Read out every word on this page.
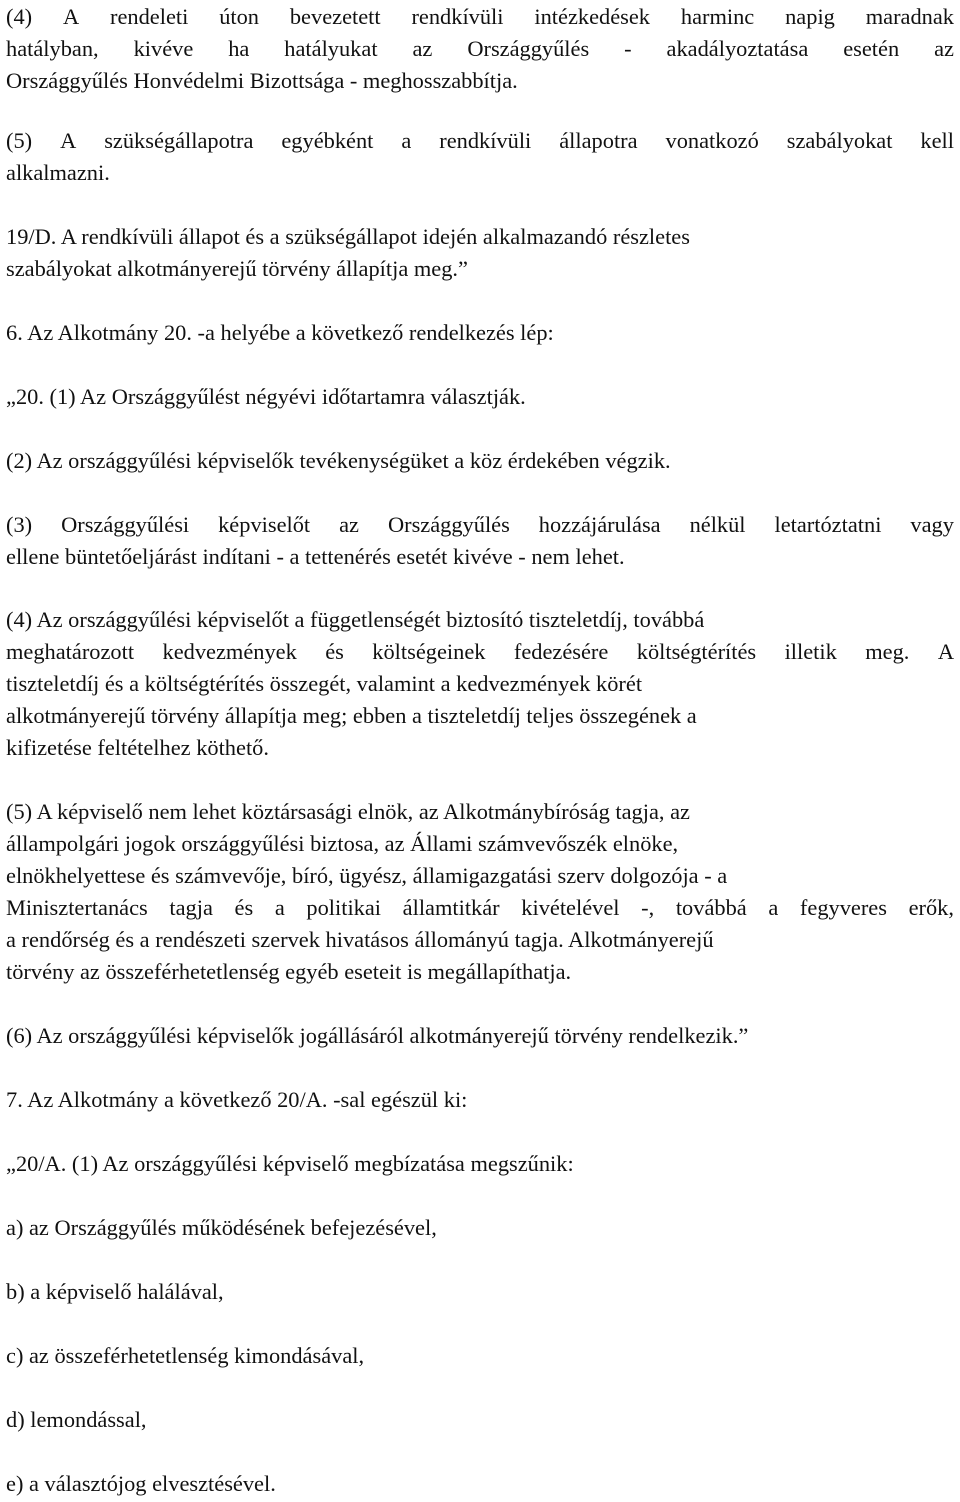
(4) A rendeleti úton bevezetett rendkívüli intézkedések harminc napig maradnak
hatályban, kivéve ha hatályukat az Országgyűlés - akadályoztatása esetén az
Országgyűlés Honvédelmi Bizottsága - meghosszabbítja.
(5) A szükségállapotra egyébként a rendkívüli állapotra vonatkozó szabályokat kell
alkalmazni.
19/D. A rendkívüli állapot és a szükségállapot idején alkalmazandó részletes
szabályokat alkotmányerejű törvény állapítja meg.”
6. Az Alkotmány 20. -a helyébe a következő rendelkezés lép:
„20. (1) Az Országgyűlést négyévi időtartamra választják.
(2) Az országgyűlési képviselők tevékenységüket a köz érdekében végzik.
(3) Országgyűlési képviselőt az Országgyűlés hozzájárulása nélkül letartóztatni vagy
ellene büntetőeljárást indítani - a tettenérés esetét kivéve - nem lehet.
(4) Az országgyűlési képviselőt a függetlenségét biztosító tiszteletdíj, továbbá
meghatározott kedvezmények és költségeinek fedezésére költségtérítés illetik meg. A
tiszteletdíj és a költségtérítés összegét, valamint a kedvezmények körét
alkotmányerejű törvény állapítja meg; ebben a tiszteletdíj teljes összegének a
kifizetése feltételhez köthető.
(5) A képviselő nem lehet köztársasági elnök, az Alkotmánybíróság tagja, az
állampolgári jogok országgyűlési biztosa, az Állami számvevőszék elnöke,
elnökhelyettese és számvevője, bíró, ügyész, államigazgatási szerv dolgozója - a
Minisztertanács tagja és a politikai államtitkár kivételével -, továbbá a fegyveres erők,
a rendőrség és a rendészeti szervek hivatásos állományú tagja. Alkotmányerejű
törvény az összeférhetetlenség egyéb eseteit is megállapíthatja.
(6) Az országgyűlési képviselők jogállásáról alkotmányerejű törvény rendelkezik.”
7. Az Alkotmány a következő 20/A. -sal egészül ki:
„20/A. (1) Az országgyűlési képviselő megbízatása megszűnik:
a) az Országgyűlés működésének befejezésével,
b) a képviselő halálával,
c) az összeférhetetlenség kimondásával,
d) lemondással,
e) a választójog elvesztésével.
